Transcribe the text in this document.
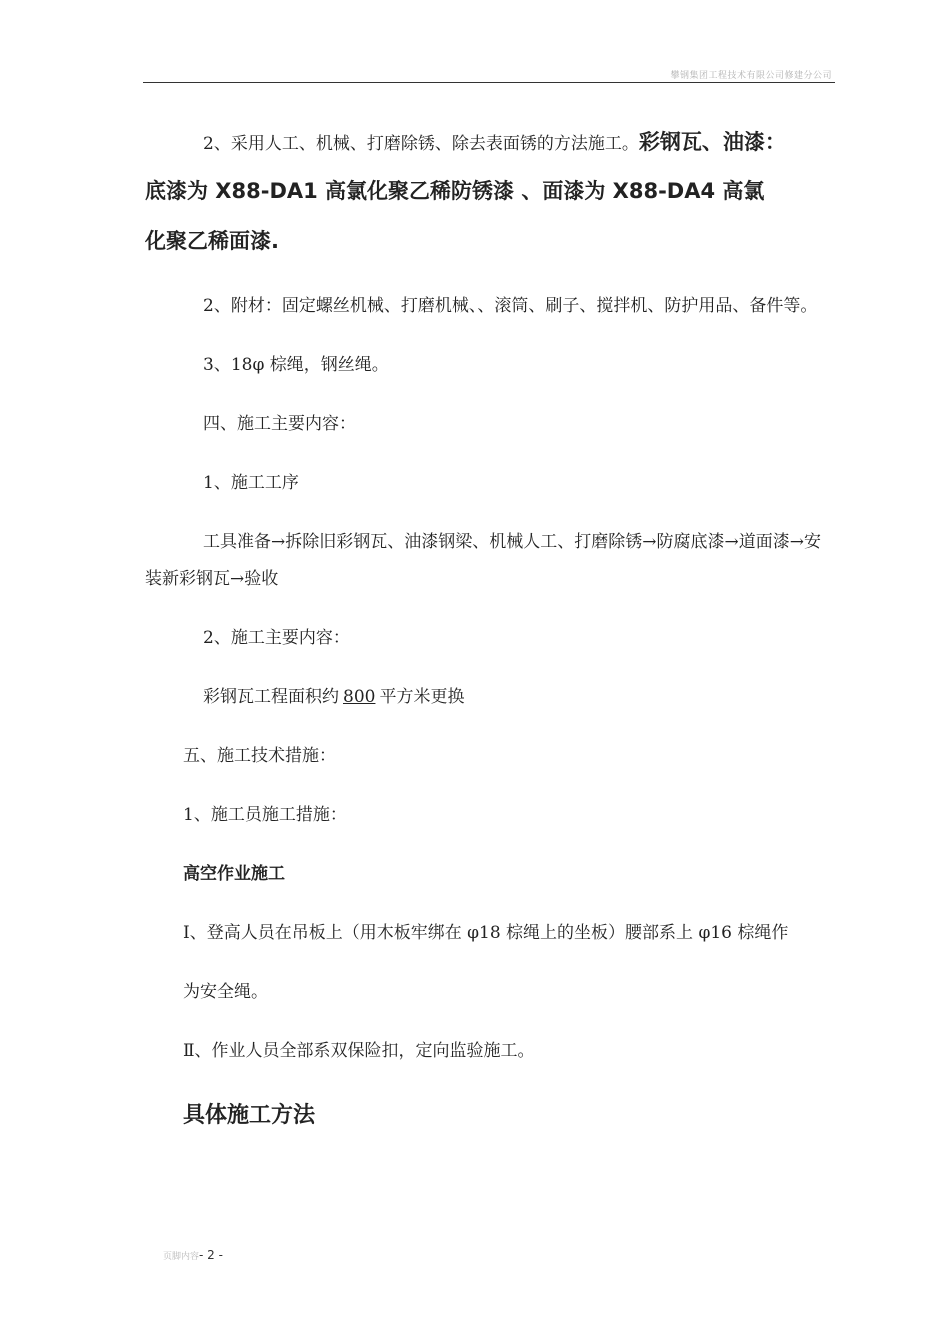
攀钢集团工程技术有限公司修建分公司

2、采用人工、机械、打磨除锈、除去表面锈的方法施工。彩钢瓦、油漆：

底漆为 X88-DA1 高氯化聚乙稀防锈漆 、面漆为 X88-DA4 高氯

化聚乙稀面漆.

2、附材：固定螺丝机械、打磨机械、、滚筒、刷子、搅拌机、防护用品、备件等。

3、18φ 棕绳，钢丝绳。

四、施工主要内容：

1、施工工序

工具准备→拆除旧彩钢瓦、油漆钢梁、机械人工、打磨除锈→防腐底漆→道面漆→安装新彩钢瓦→验收

2、施工主要内容：

彩钢瓦工程面积约 800 平方米更换

五、施工技术措施：

1、施工员施工措施：

高空作业施工

Ⅰ、登高人员在吊板上（用木板牢绑在 φ18 棕绳上的坐板）腰部系上 φ16 棕绳作

为安全绳。

Ⅱ、作业人员全部系双保险扣，定向监验施工。

具体施工方法

页脚内容- 2 -
